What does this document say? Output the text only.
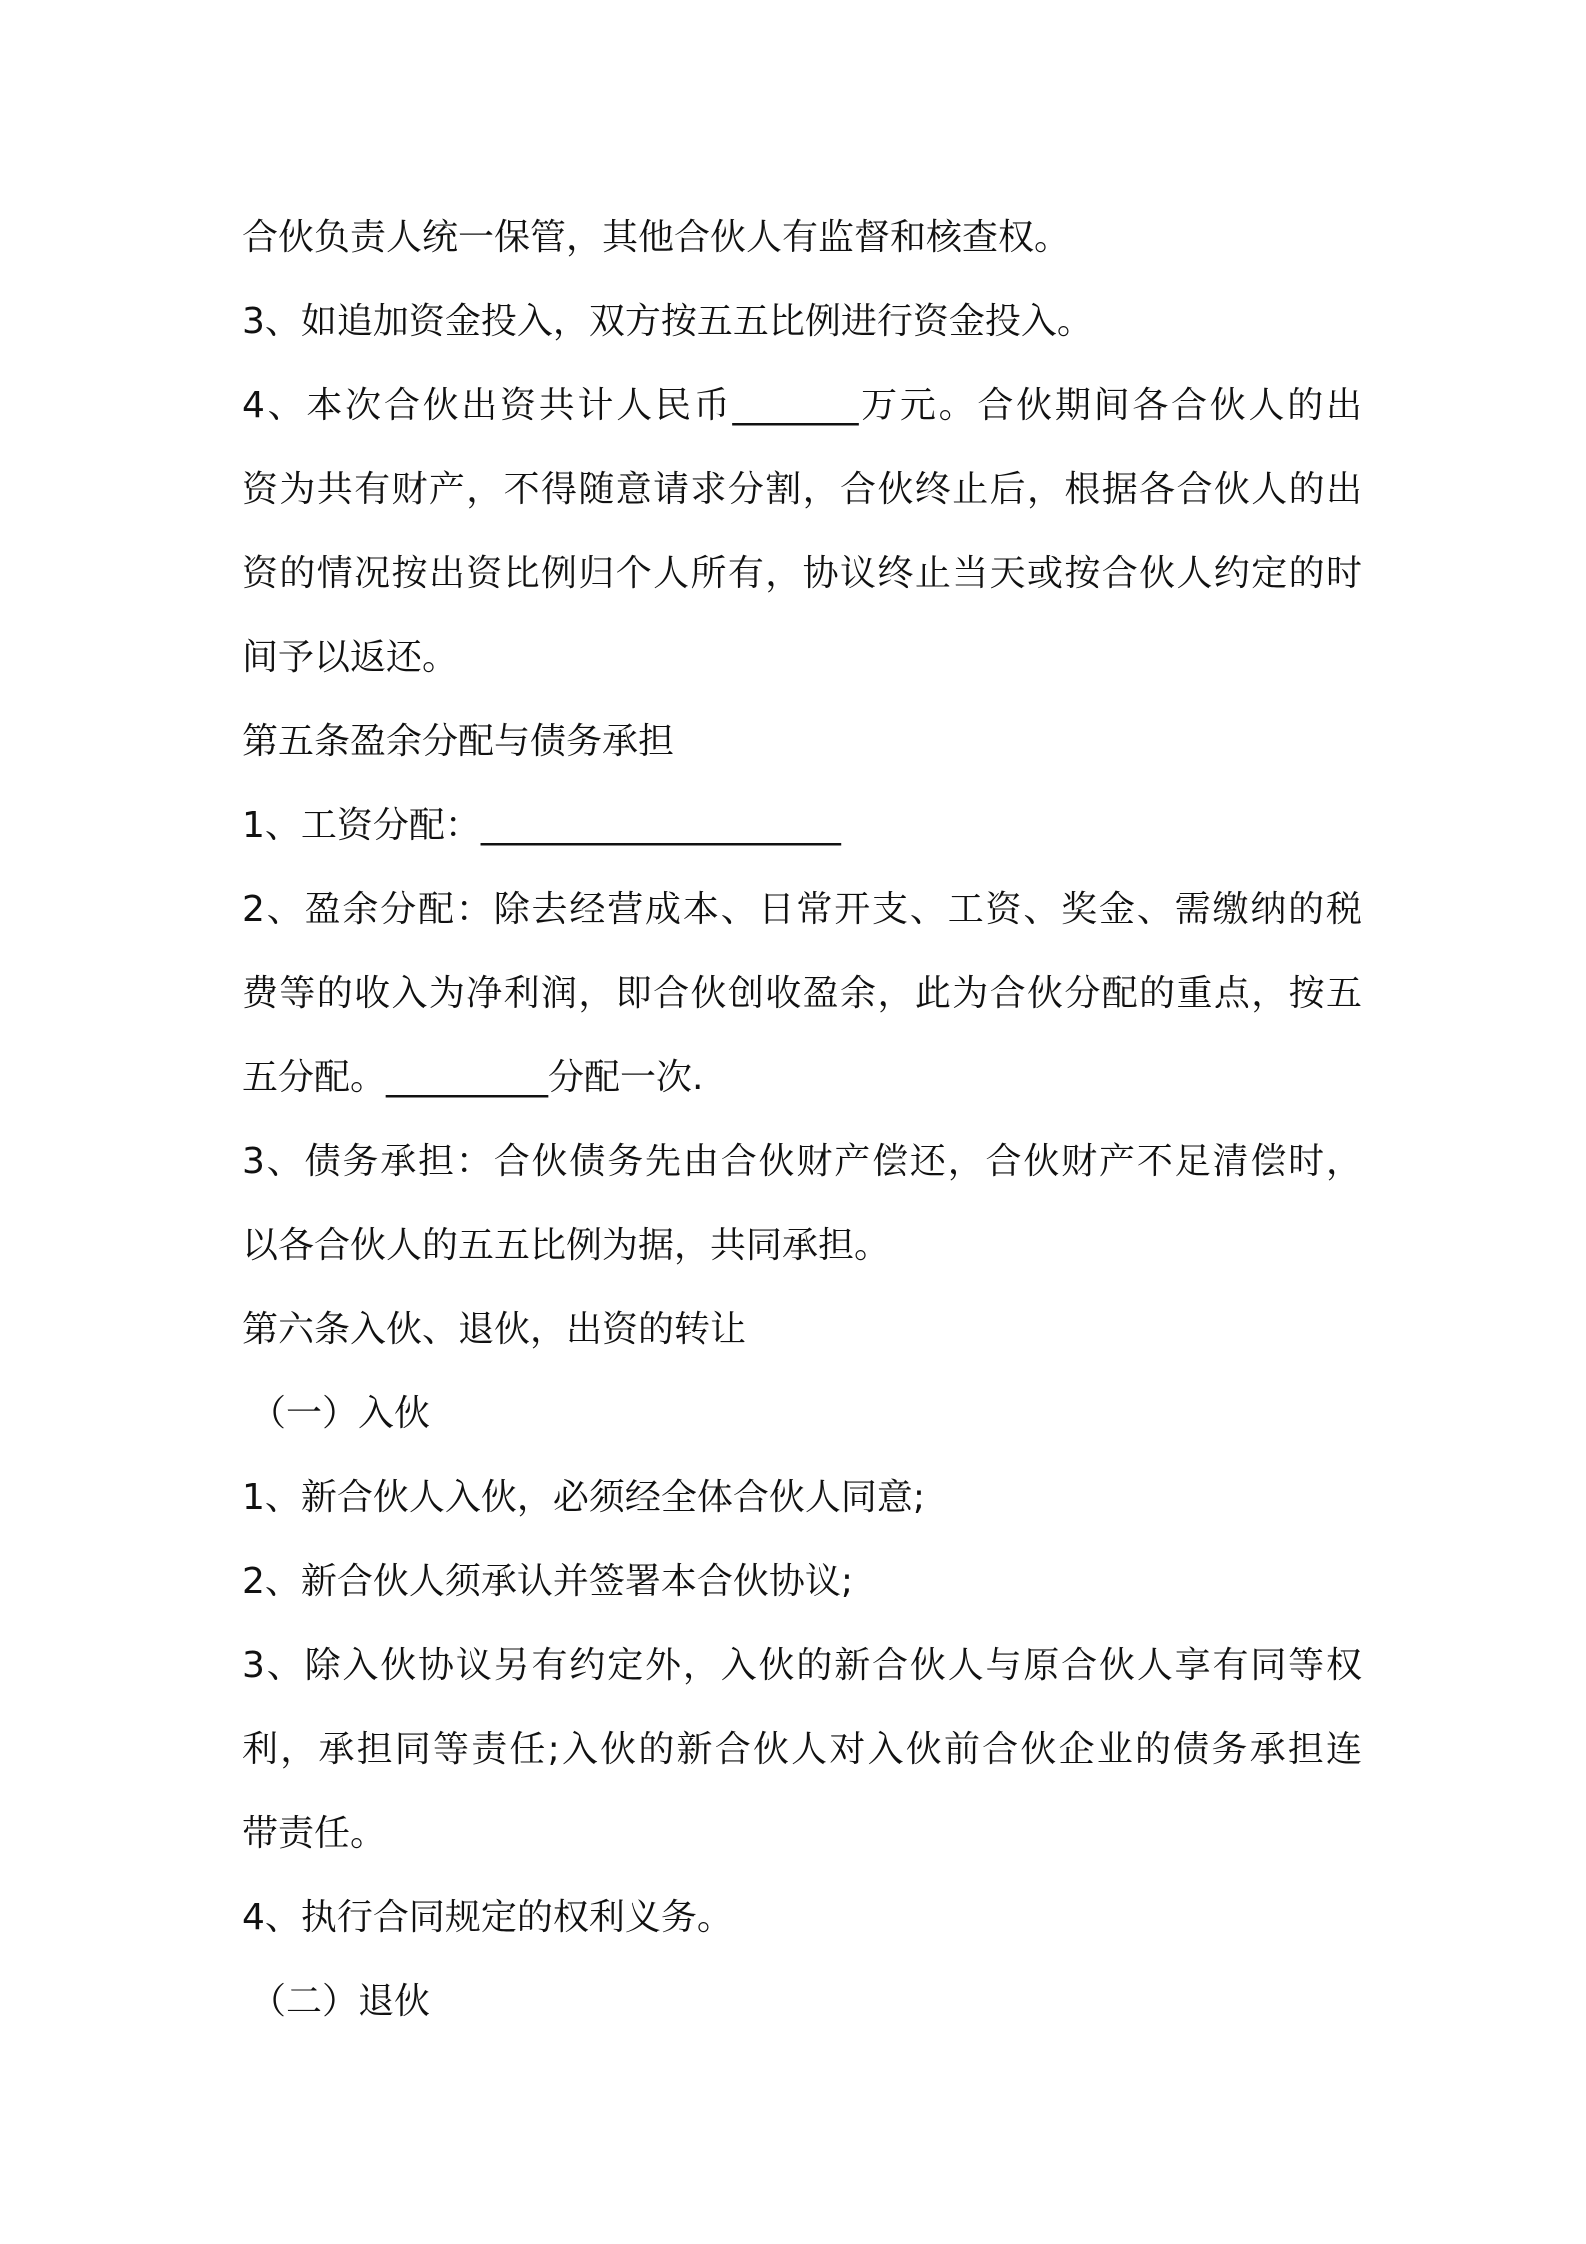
合伙负责人统一保管，其他合伙人有监督和核查权。
3、如追加资金投入，双方按五五比例进行资金投入。
4、本次合伙出资共计人民币_______万元。合伙期间各合伙人的出
资为共有财产，不得随意请求分割，合伙终止后，根据各合伙人的出
资的情况按出资比例归个人所有，协议终止当天或按合伙人约定的时
间予以返还。
第五条盈余分配与债务承担
1、工资分配：____________________
2、盈余分配：除去经营成本、日常开支、工资、奖金、需缴纳的税
费等的收入为净利润，即合伙创收盈余，此为合伙分配的重点，按五
五分配。_________分配一次.
3、债务承担：合伙债务先由合伙财产偿还，合伙财产不足清偿时，
以各合伙人的五五比例为据，共同承担。
第六条入伙、退伙，出资的转让
（一）入伙
1、新合伙人入伙，必须经全体合伙人同意;
2、新合伙人须承认并签署本合伙协议;
3、除入伙协议另有约定外，入伙的新合伙人与原合伙人享有同等权
利，承担同等责任;入伙的新合伙人对入伙前合伙企业的债务承担连
带责任。
4、执行合同规定的权利义务。
（二）退伙
